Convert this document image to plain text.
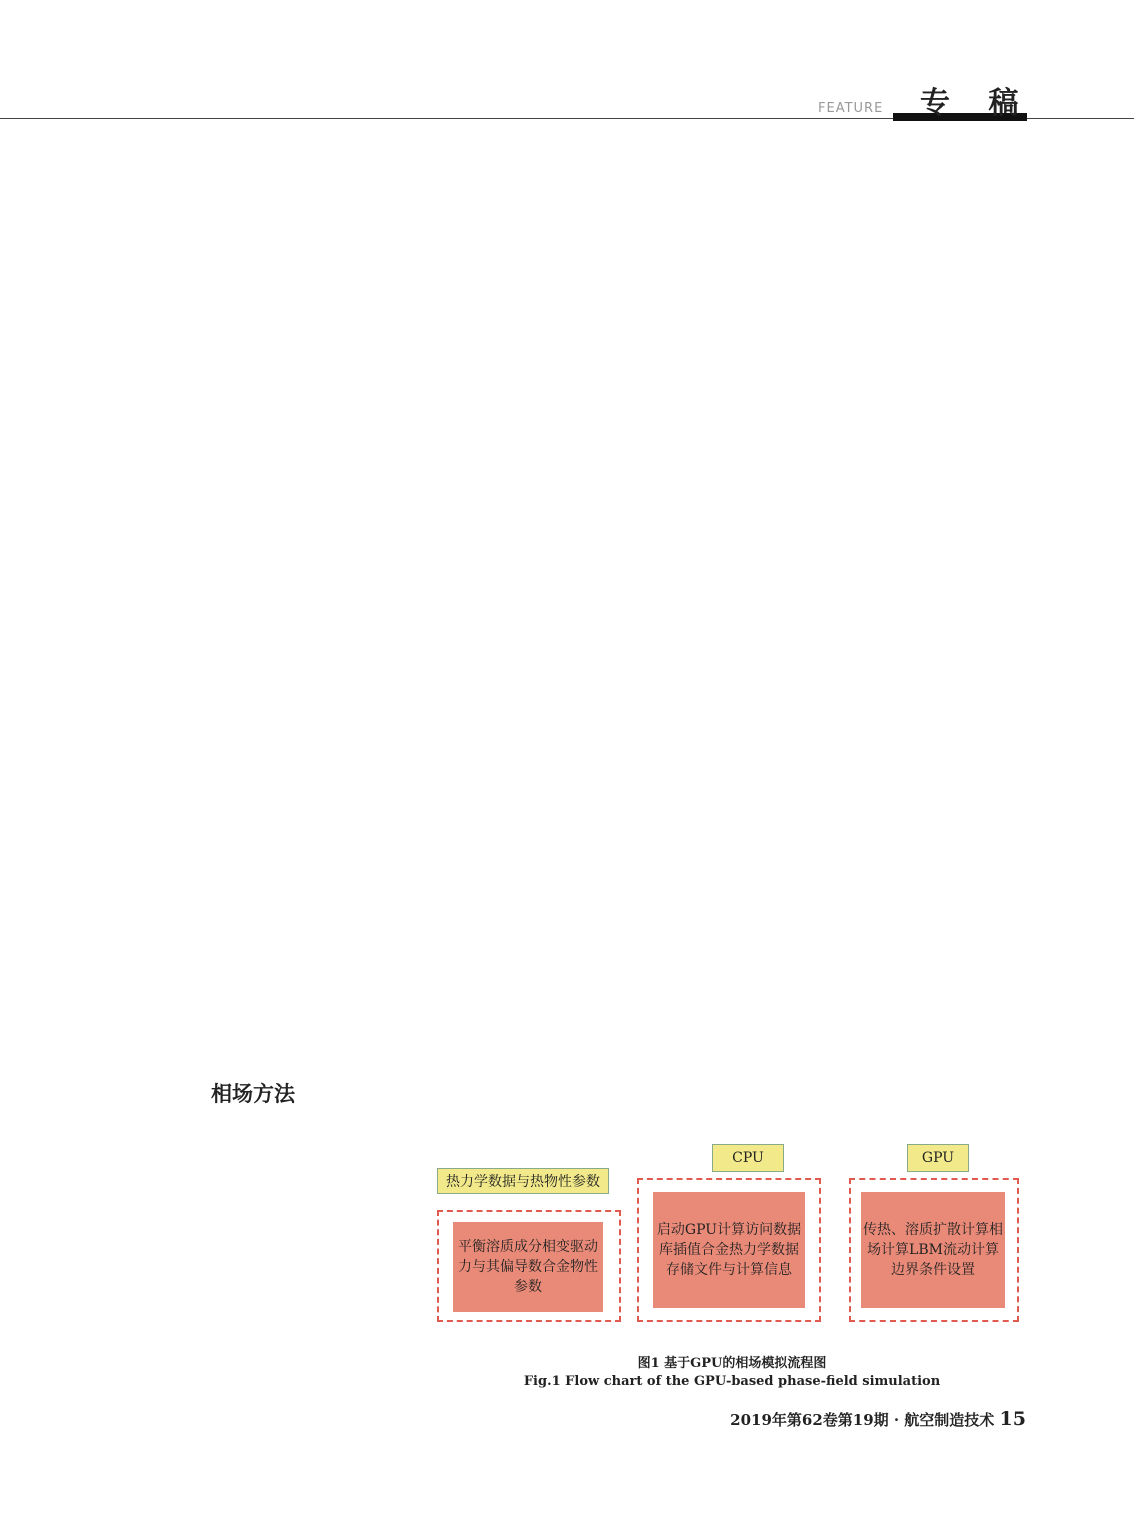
FEATURE 专 稿
相场方法
CPU	GPU
热力学数据与热物性参数
平衡溶质成分相变驱动力与其偏导数合金物性参数
启动GPU计算访问数据库插值合金热力学数据存储文件与计算信息
传热、溶质扩散计算相场计算LBM流动计算边界条件设置
图1 基于GPU的相场模拟流程图
Fig.1 Flow chart of the GPU-based phase-field simulation
2019年第62卷第19期 · 航空制造技术 15
